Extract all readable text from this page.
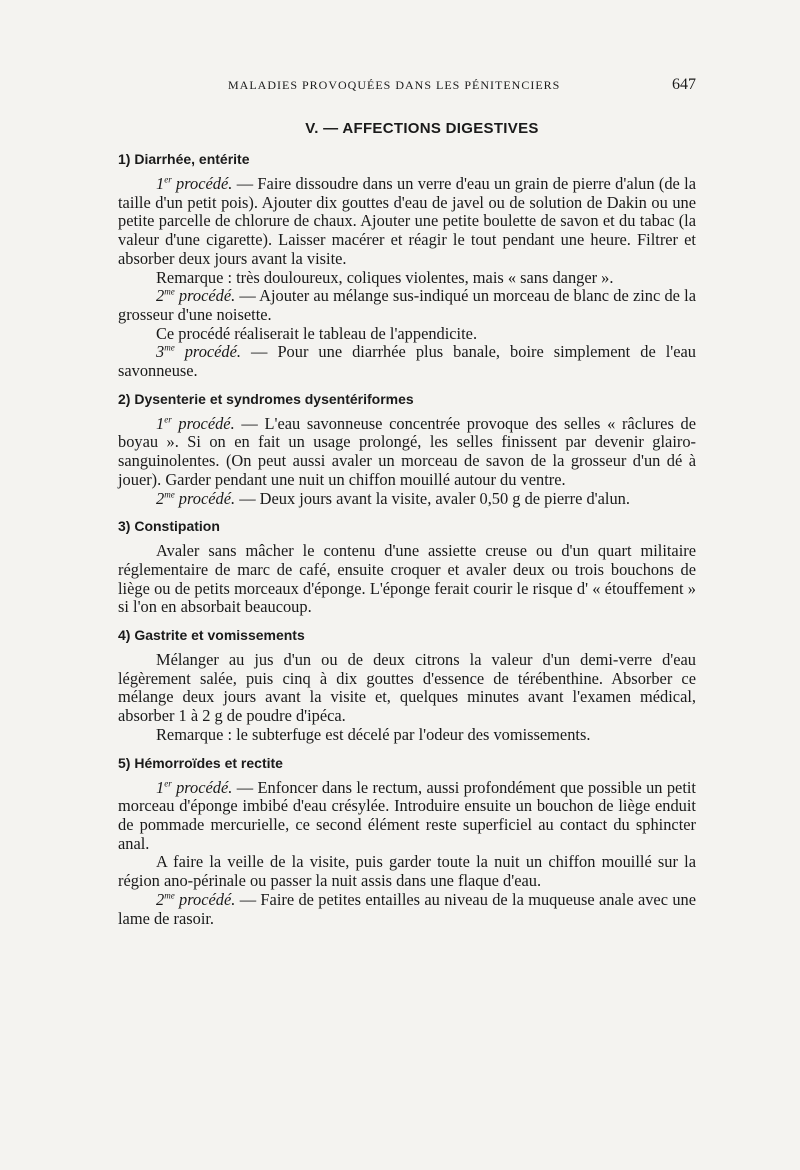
MALADIES PROVOQUÉES DANS LES PÉNITENCIERS	647
V. — AFFECTIONS DIGESTIVES
1) Diarrhée, entérite

1er procédé. — Faire dissoudre dans un verre d'eau un grain de pierre d'alun (de la taille d'un petit pois). Ajouter dix gouttes d'eau de javel ou de solution de Dakin ou une petite parcelle de chlorure de chaux. Ajouter une petite boulette de savon et du tabac (la valeur d'une cigarette). Laisser macérer et réagir le tout pendant une heure. Filtrer et absorber deux jours avant la visite.

Remarque : très douloureux, coliques violentes, mais « sans danger ».

$2^{me}$ procédé. — Ajouter au mélange sus-indiqué un morceau de blanc de zinc de la grosseur d'une noisette.

Ce procédé réaliserait le tableau de l'appendicite.

$3^{me}$ procédé. — Pour une diarrhée plus banale, boire simplement de l'eau savonneuse.

2) Dysenterie et syndromes dysentériformes

1er procédé. — L'eau savonneuse concentrée provoque des selles « râclures de boyau ». Si on en fait un usage prolongé, les selles finissent par devenir glairo-sanguinolentes. (On peut aussi avaler un morceau de savon de la grosseur d'un dé à jouer). Garder pendant une nuit un chiffon mouillé autour du ventre.

$2^{me}$ procédé. — Deux jours avant la visite, avaler 0,50 g de pierre d'alun.

3) Constipation

Avaler sans mâcher le contenu d'une assiette creuse ou d'un quart militaire réglementaire de marc de café, ensuite croquer et avaler deux ou trois bouchons de liège ou de petits morceaux d'éponge. L'éponge ferait courir le risque d' « étouffement » si l'on en absorbait beaucoup.

4) Gastrite et vomissements

Mélanger au jus d'un ou de deux citrons la valeur d'un demi-verre d'eau légèrement salée, puis cinq à dix gouttes d'essence de térébenthine. Absorber ce mélange deux jours avant la visite et, quelques minutes avant l'examen médical, absorber 1 à 2 g de poudre d'ipéca.

Remarque : le subterfuge est décelé par l'odeur des vomissements.

5) Hémorroïdes et rectite

1er procédé. — Enfoncer dans le rectum, aussi profondément que possible un petit morceau d'éponge imbibé d'eau crésylée. Introduire ensuite un bouchon de liège enduit de pommade mercurielle, ce second élément reste superficiel au contact du sphincter anal.

A faire la veille de la visite, puis garder toute la nuit un chiffon mouillé sur la région ano-périnale ou passer la nuit assis dans une flaque d'eau.

$2^{me}$ procédé. — Faire de petites entailles au niveau de la muqueuse anale avec une lame de rasoir.
